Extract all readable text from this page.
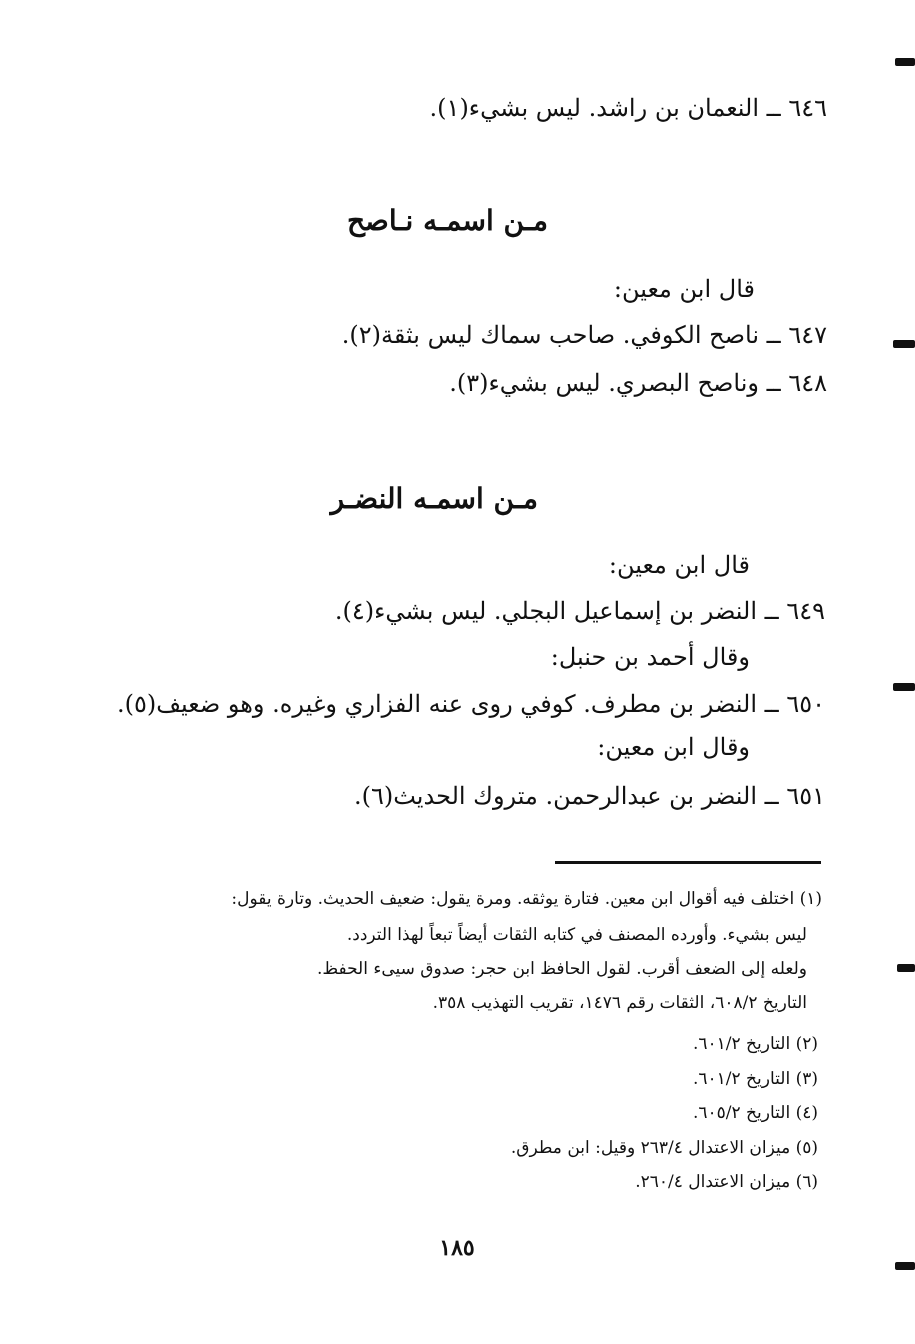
٦٤٦ ــ النعمان بن راشد. ليس بشيء(١).
مـن اسمـه نـاصح
قال ابن معين:
٦٤٧ ــ ناصح الكوفي. صاحب سماك ليس بثقة(٢).
٦٤٨ ــ وناصح البصري. ليس بشيء(٣).
مـن اسمـه النضـر
قال ابن معين:
٦٤٩ ــ النضر بن إسماعيل البجلي. ليس بشيء(٤).
وقال أحمد بن حنبل:
٦٥٠ ــ النضر بن مطرف. كوفي روى عنه الفزاري وغيره. وهو ضعيف(٥).
وقال ابن معين:
٦٥١ ــ النضر بن عبدالرحمن. متروك الحديث(٦).
(١) اختلف فيه أقوال ابن معين. فتارة يوثقه. ومرة يقول: ضعيف الحديث. وتارة يقول:
ليس بشيء. وأورده المصنف في كتابه الثقات أيضاً تبعاً لهذا التردد.
ولعله إلى الضعف أقرب. لقول الحافظ ابن حجر: صدوق سيىء الحفظ.
التاريخ ٦٠٨/٢، الثقات رقم ١٤٧٦، تقريب التهذيب ٣٥٨.
(٢) التاريخ ٦٠١/٢.
(٣) التاريخ ٦٠١/٢.
(٤) التاريخ ٦٠٥/٢.
(٥) ميزان الاعتدال ٢٦٣/٤ وقيل: ابن مطرق.
(٦) ميزان الاعتدال ٢٦٠/٤.
١٨٥
